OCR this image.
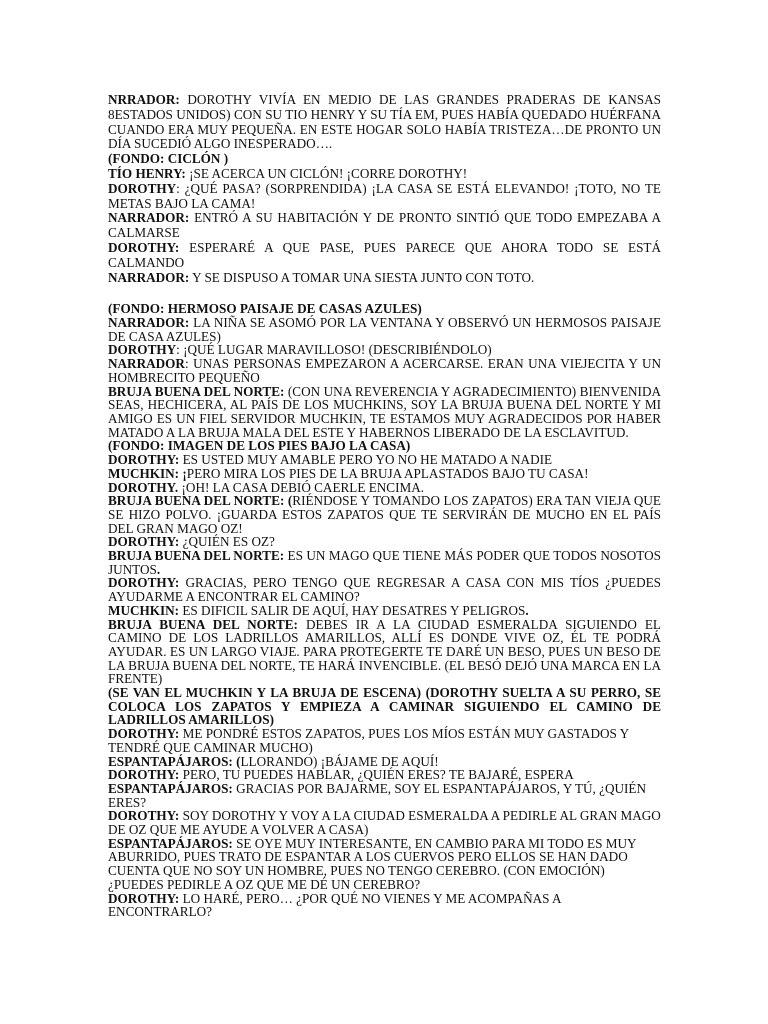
NRRADOR: DOROTHY VIVÍA EN MEDIO DE LAS GRANDES PRADERAS DE KANSAS 8ESTADOS UNIDOS) CON SU TIO HENRY Y SU TÍA EM, PUES HABÍA QUEDADO HUÉRFANA CUANDO ERA MUY PEQUEÑA. EN ESTE HOGAR SOLO HABÍA TRISTEZA…DE PRONTO UN DÍA SUCEDIÓ ALGO INESPERADO….

(FONDO: CICLÓN )

TÍO HENRY: ¡SE ACERCA UN CICLÓN! ¡CORRE DOROTHY!

DOROTHY: ¿QUÉ PASA? (SORPRENDIDA) ¡LA CASA SE ESTÁ ELEVANDO! ¡TOTO, NO TE METAS BAJO LA CAMA!

NARRADOR: ENTRÓ A SU HABITACIÓN Y DE PRONTO SINTIÓ QUE TODO EMPEZABA A CALMARSE

DOROTHY: ESPERARÉ A QUE PASE, PUES PARECE QUE AHORA TODO SE ESTÁ CALMANDO

NARRADOR: Y SE DISPUSO A TOMAR UNA SIESTA JUNTO CON TOTO.

(FONDO: HERMOSO PAISAJE DE CASAS AZULES)

NARRADOR: LA NIÑA SE ASOMÓ POR LA VENTANA Y OBSERVÓ UN HERMOSOS PAISAJE DE CASA AZULES)

DOROTHY: ¡QUÉ LUGAR MARAVILLOSO! (DESCRIBIÉNDOLO)

NARRADOR: UNAS PERSONAS EMPEZARON A ACERCARSE. ERAN UNA VIEJECITA Y UN HOMBRECITO PEQUEÑO

BRUJA BUENA DEL NORTE: (CON UNA REVERENCIA Y AGRADECIMIENTO) BIENVENIDA SEAS, HECHICERA, AL PAÍS DE LOS MUCHKINS, SOY LA BRUJA BUENA DEL NORTE Y MI AMIGO ES UN FIEL SERVIDOR MUCHKIN, TE ESTAMOS MUY AGRADECIDOS POR HABER MATADO A LA BRUJA MALA DEL ESTE Y HABERNOS LIBERADO DE LA ESCLAVITUD.

(FONDO: IMAGEN DE LOS PIES BAJO LA CASA)

DOROTHY: ES USTED MUY AMABLE PERO YO NO HE MATADO A NADIE

MUCHKIN: ¡PERO MIRA LOS PIES DE LA BRUJA APLASTADOS BAJO TU CASA!

DOROTHY. ¡OH! LA CASA DEBIÓ CAERLE ENCIMA.

BRUJA BUENA DEL NORTE: (RIÉNDOSE Y TOMANDO LOS ZAPATOS) ERA TAN VIEJA QUE SE HIZO POLVO. ¡GUARDA ESTOS ZAPATOS QUE TE SERVIRÁN DE MUCHO EN EL PAÍS DEL GRAN MAGO OZ!

DOROTHY: ¿QUIÉN ES OZ?

BRUJA BUENA DEL NORTE: ES UN MAGO QUE TIENE MÁS PODER QUE TODOS NOSOTOS JUNTOS.

DOROTHY: GRACIAS, PERO TENGO QUE REGRESAR A CASA CON MIS TÍOS ¿PUEDES AYUDARME A ENCONTRAR EL CAMINO?

MUCHKIN: ES DIFICIL SALIR DE AQUÍ, HAY DESATRES Y PELIGROS.

BRUJA BUENA DEL NORTE: DEBES IR A LA CIUDAD ESMERALDA SIGUIENDO EL CAMINO DE LOS LADRILLOS AMARILLOS, ALLÍ ES DONDE VIVE OZ, ÉL TE PODRÁ AYUDAR. ES UN LARGO VIAJE. PARA PROTEGERTE TE DARÉ UN BESO, PUES UN BESO DE LA BRUJA BUENA DEL NORTE, TE HARÁ INVENCIBLE. (EL BESÓ DEJÓ UNA MARCA EN LA FRENTE)

(SE VAN EL MUCHKIN Y LA BRUJA DE ESCENA) (DOROTHY SUELTA A SU PERRO, SE COLOCA LOS ZAPATOS Y EMPIEZA A CAMINAR SIGUIENDO EL CAMINO DE LADRILLOS AMARILLOS)

DOROTHY: ME PONDRÉ ESTOS ZAPATOS, PUES LOS MÍOS ESTÁN MUY GASTADOS Y TENDRÉ QUE CAMINAR MUCHO)

ESPANTAPÁJAROS: (LLORANDO) ¡BÁJAME DE AQUÍ!

DOROTHY: PERO, TU PUEDES HABLAR, ¿QUIÉN ERES? TE BAJARÉ, ESPERA

ESPANTAPÁJAROS: GRACIAS POR BAJARME, SOY EL ESPANTAPÁJAROS, Y TÚ, ¿QUIÉN ERES?

DOROTHY: SOY DOROTHY Y VOY A LA CIUDAD ESMERALDA A PEDIRLE AL GRAN MAGO DE OZ QUE ME AYUDE A VOLVER A CASA)

ESPANTAPÁJAROS: SE OYE MUY INTERESANTE, EN CAMBIO PARA MI TODO ES MUY ABURRIDO, PUES TRATO DE ESPANTAR A LOS CUERVOS PERO ELLOS SE HAN DADO CUENTA QUE NO SOY UN HOMBRE, PUES NO TENGO CEREBRO. (CON EMOCIÓN) ¿PUEDES PEDIRLE A OZ QUE ME DÉ UN CEREBRO?

DOROTHY: LO HARÉ, PERO… ¿POR QUÉ NO VIENES Y ME ACOMPAÑAS A ENCONTRARLO?
